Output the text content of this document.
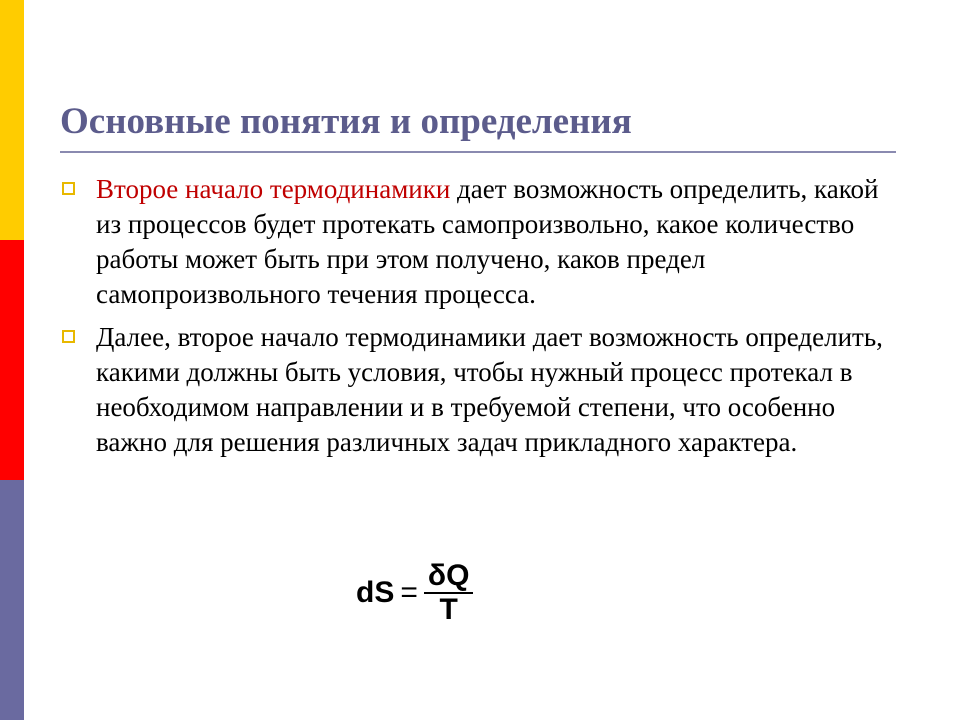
Основные понятия и определения
Второе начало термодинамики дает возможность определить, какой из процессов будет протекать самопроизвольно, какое количество работы может быть при этом получено, каков предел самопроизвольного течения процесса.
Далее, второе начало термодинамики дает возможность определить, какими должны быть условия, чтобы нужный процесс протекал в необходимом направлении и в требуемой степени, что особенно важно для решения различных задач прикладного характера.
dS = $\frac{\delta Q}{T}$
